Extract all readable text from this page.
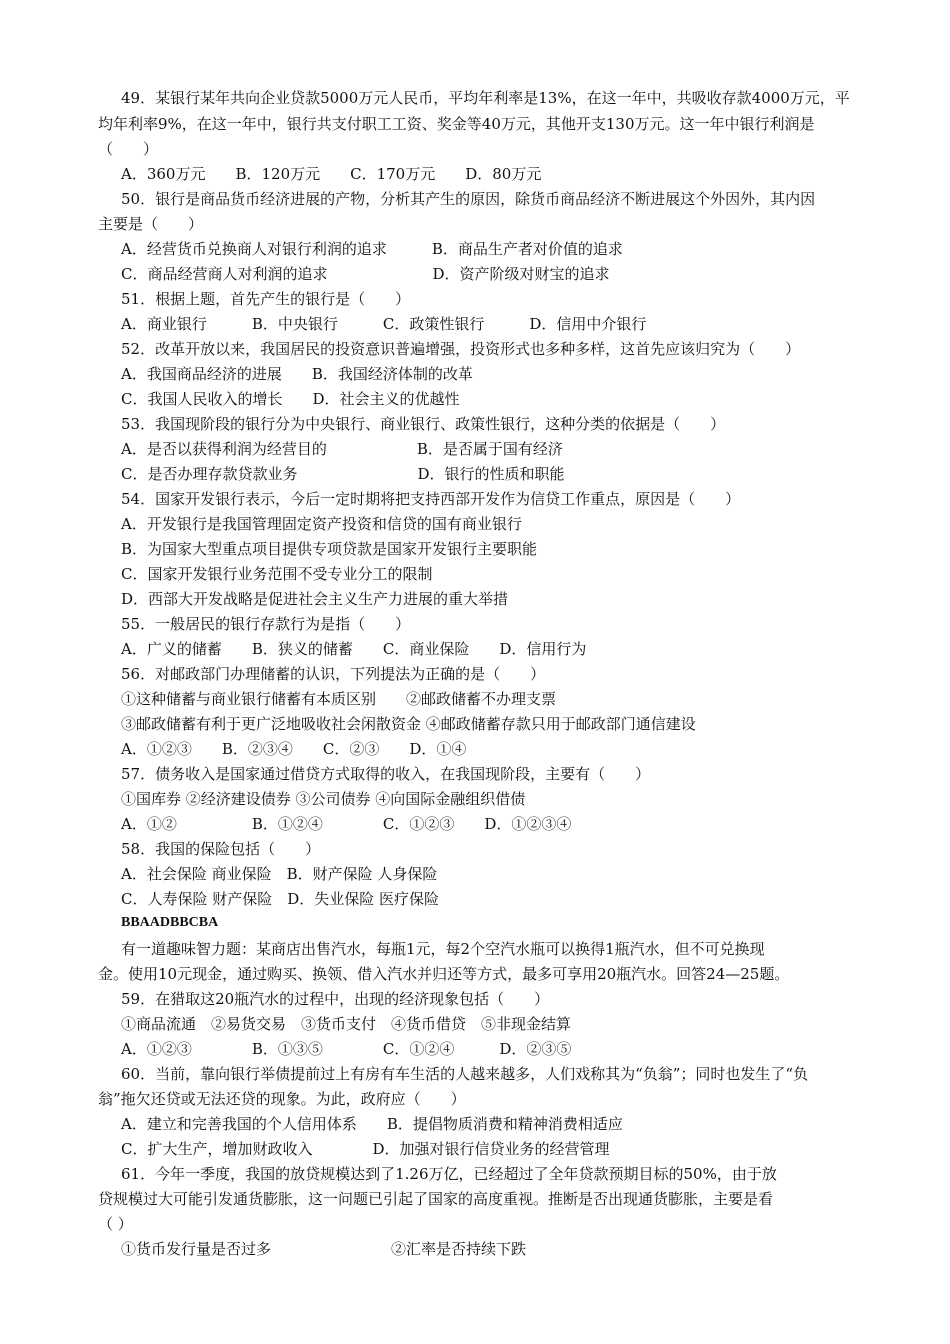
49．某银行某年共向企业贷款5000万元人民币，平均年利率是13%，在这一年中，共吸收存款4000万元，平
均年利率9%，在这一年中，银行共支付职工工资、奖金等40万元，其他开支130万元。这一年中银行利润是
（　　）
A．360万元　　B．120万元　　C．170万元　　D．80万元
50．银行是商品货币经济进展的产物，分析其产生的原因，除货币商品经济不断进展这个外因外，其内因
主要是（　　）
A．经营货币兑换商人对银行利润的追求　　　B．商品生产者对价值的追求
C．商品经营商人对利润的追求　　　　　　　D．资产阶级对财宝的追求
51．根据上题，首先产生的银行是（　　）
A．商业银行　　　B．中央银行　　　C．政策性银行　　　D．信用中介银行
52．改革开放以来，我国居民的投资意识普遍增强，投资形式也多种多样，这首先应该归究为（　　）
A．我国商品经济的进展　　B．我国经济体制的改革
C．我国人民收入的增长　　D．社会主义的优越性
53．我国现阶段的银行分为中央银行、商业银行、政策性银行，这种分类的依据是（　　）
A．是否以获得利润为经营目的　　　　　　B．是否属于国有经济
C．是否办理存款贷款业务　　　　　　　　D．银行的性质和职能
54．国家开发银行表示，今后一定时期将把支持西部开发作为信贷工作重点，原因是（　　）
A．开发银行是我国管理固定资产投资和信贷的国有商业银行
B．为国家大型重点项目提供专项贷款是国家开发银行主要职能
C．国家开发银行业务范围不受专业分工的限制
D．西部大开发战略是促进社会主义生产力进展的重大举措
55．一般居民的银行存款行为是指（　　）
A．广义的储蓄　　B．狭义的储蓄　　C．商业保险　　D．信用行为
56．对邮政部门办理储蓄的认识，下列提法为正确的是（　　）
①这种储蓄与商业银行储蓄有本质区别　　②邮政储蓄不办理支票
③邮政储蓄有利于更广泛地吸收社会闲散资金 ④邮政储蓄存款只用于邮政部门通信建设
A．①②③　　B．②③④　　C．②③　　D．①④
57．债务收入是国家通过借贷方式取得的收入，在我国现阶段，主要有（　　）
①国库券 ②经济建设债券 ③公司债券 ④向国际金融组织借债
A．①②　　　　　B．①②④　　　　C．①②③　　D．①②③④
58．我国的保险包括（　　）
A．社会保险 商业保险　B．财产保险 人身保险
C．人寿保险 财产保险　D．失业保险 医疗保险
BBAADBBCBA
有一道趣味智力题：某商店出售汽水，每瓶1元，每2个空汽水瓶可以换得1瓶汽水，但不可兑换现
金。使用10元现金，通过购买、换领、借入汽水并归还等方式，最多可享用20瓶汽水。回答24—25题。
59．在猎取这20瓶汽水的过程中，出现的经济现象包括（　　）
①商品流通　②易货交易　③货币支付　④货币借贷　⑤非现金结算
A．①②③　　　　B．①③⑤　　　　C．①②④　　　D．②③⑤
60．当前，靠向银行举债提前过上有房有车生活的人越来越多，人们戏称其为“负翁”；同时也发生了“负
翁”拖欠还贷或无法还贷的现象。为此，政府应（　　）
A．建立和完善我国的个人信用体系　　B．提倡物质消费和精神消费相适应
C．扩大生产，增加财政收入　　　　D．加强对银行信贷业务的经营管理
61．今年一季度，我国的放贷规模达到了1.26万亿，已经超过了全年贷款预期目标的50%，由于放
贷规模过大可能引发通货膨胀，这一问题已引起了国家的高度重视。推断是否出现通货膨胀，主要是看
（ ）
①货币发行量是否过多　　　　　　　　②汇率是否持续下跌
